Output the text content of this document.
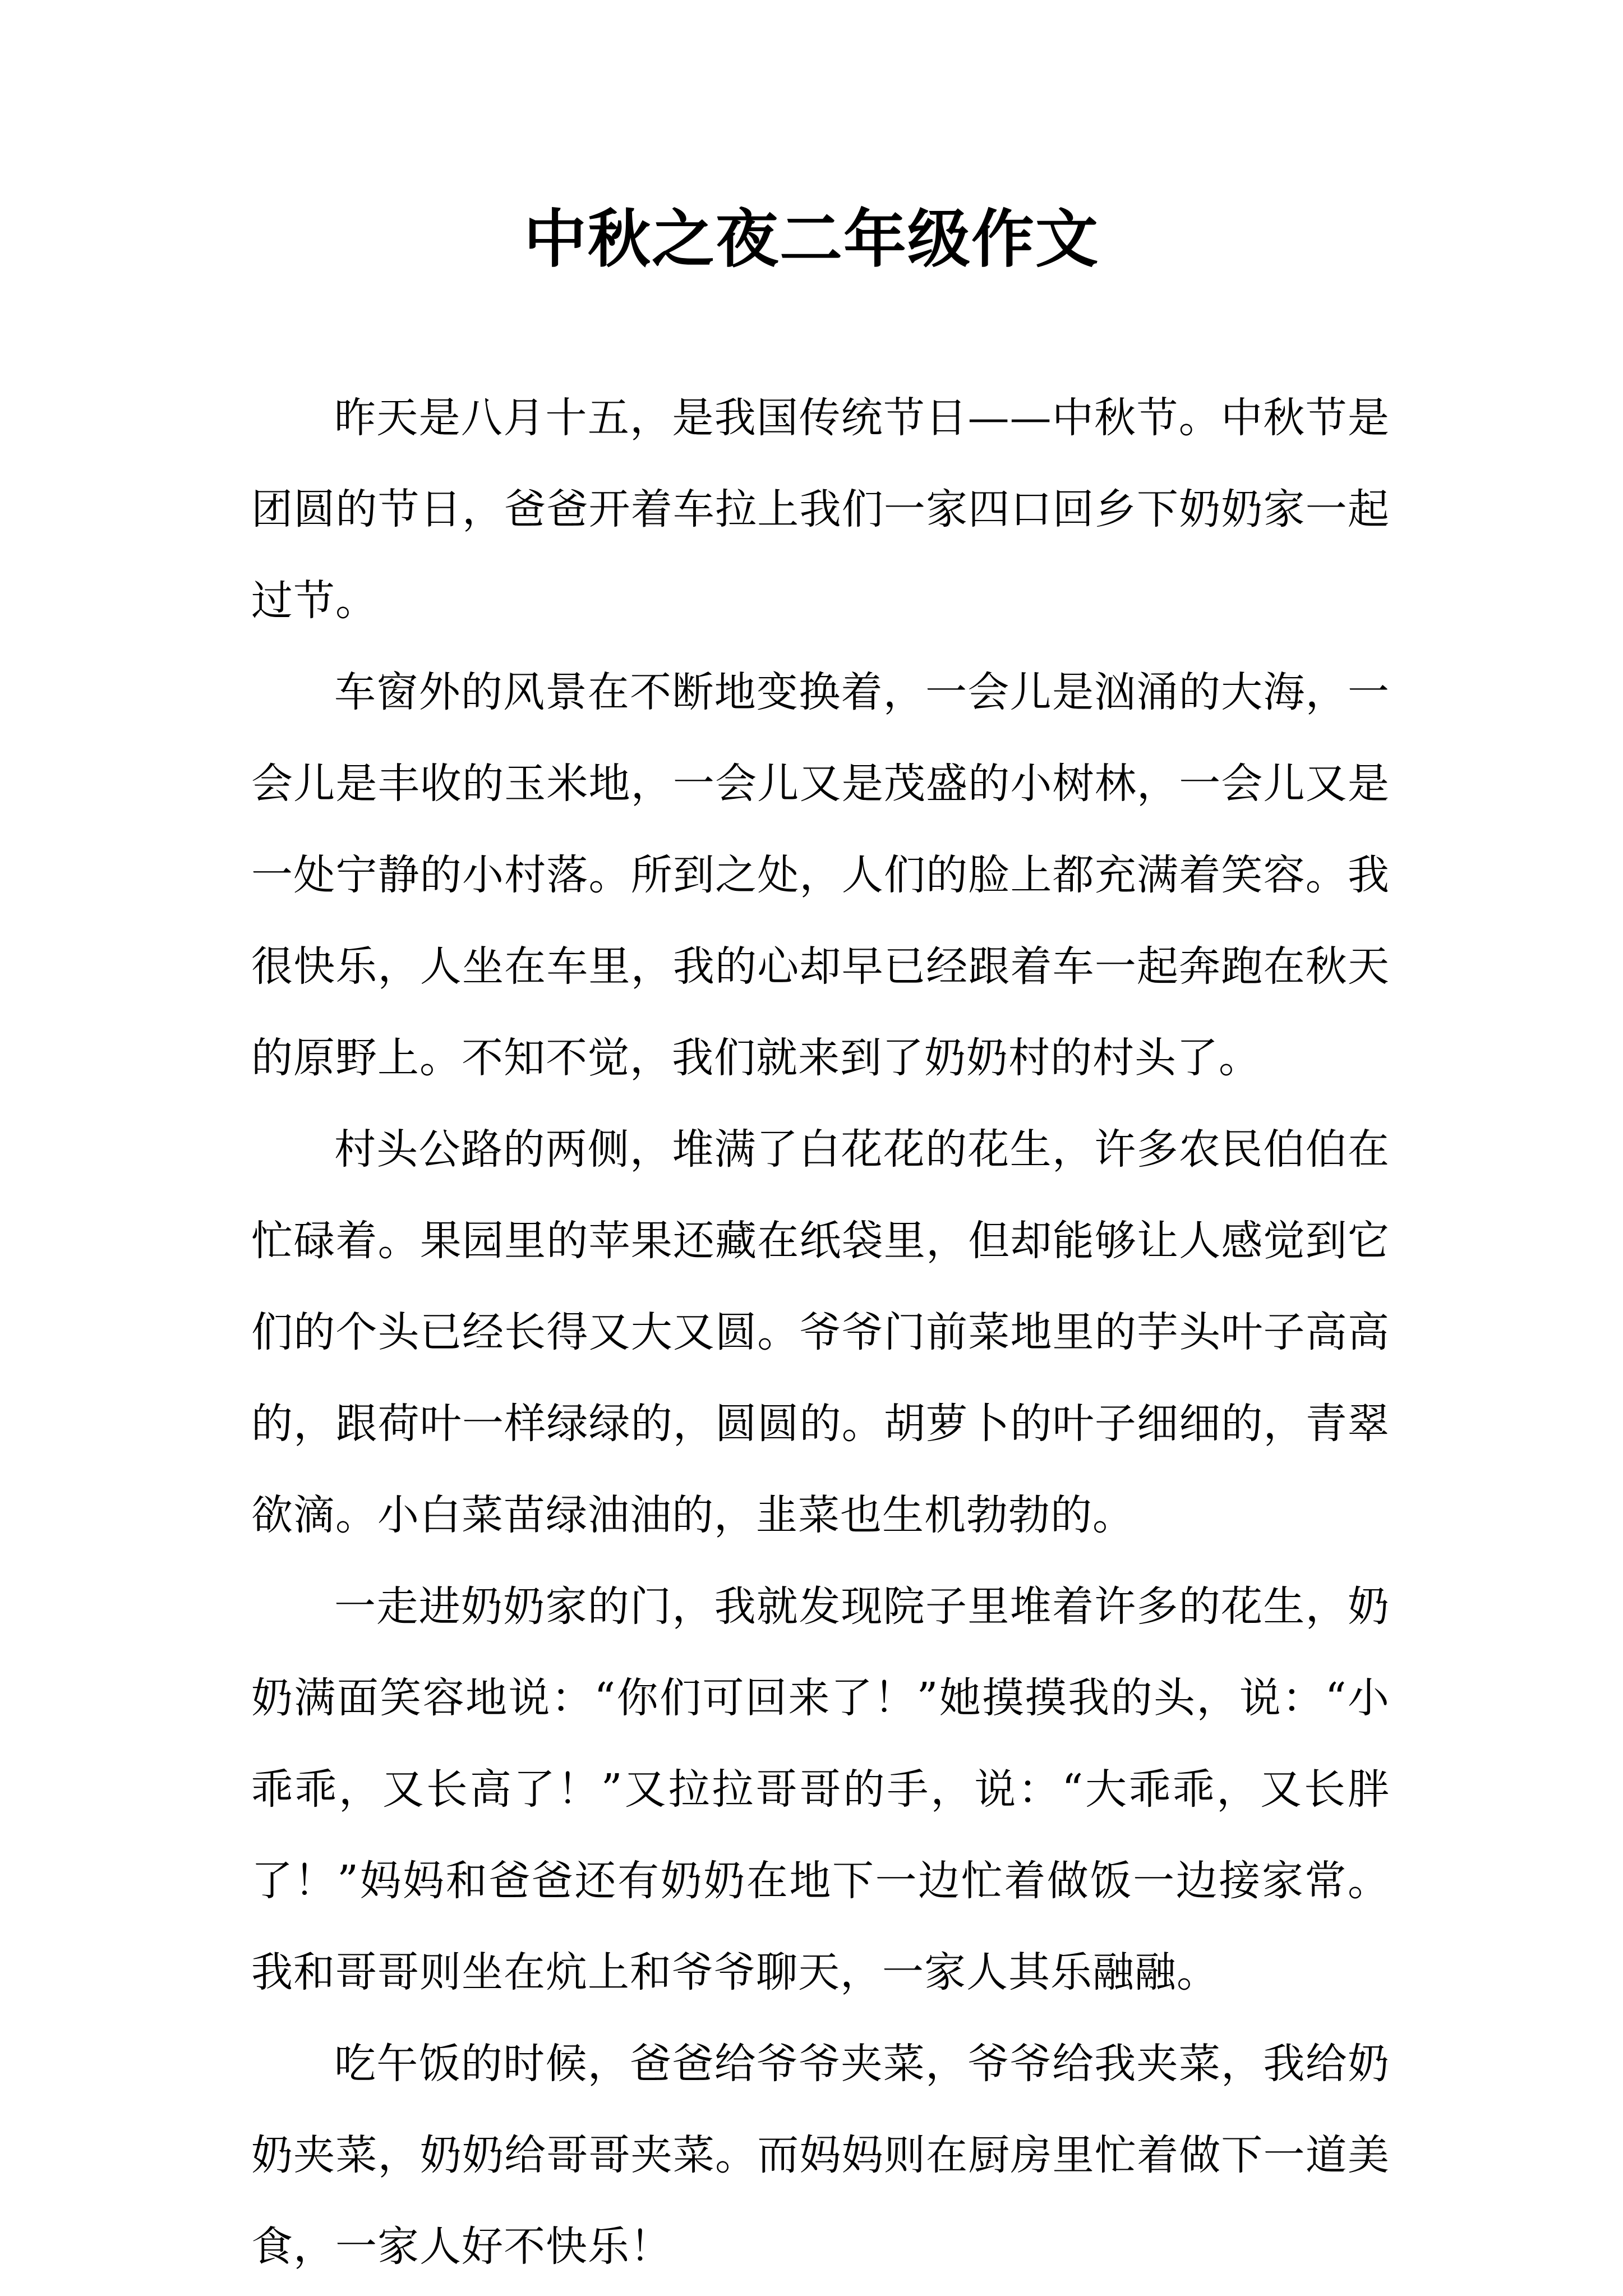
中秋之夜二年级作文

昨天是八月十五，是我国传统节日——中秋节。中秋节是团圆的节日，爸爸开着车拉上我们一家四口回乡下奶奶家一起过节。

车窗外的风景在不断地变换着，一会儿是汹涌的大海，一会儿是丰收的玉米地，一会儿又是茂盛的小树林，一会儿又是一处宁静的小村落。所到之处，人们的脸上都充满着笑容。我很快乐，人坐在车里，我的心却早已经跟着车一起奔跑在秋天的原野上。不知不觉，我们就来到了奶奶村的村头了。

村头公路的两侧，堆满了白花花的花生，许多农民伯伯在忙碌着。果园里的苹果还藏在纸袋里，但却能够让人感觉到它们的个头已经长得又大又圆。爷爷门前菜地里的芋头叶子高高的，跟荷叶一样绿绿的，圆圆的。胡萝卜的叶子细细的，青翠欲滴。小白菜苗绿油油的，韭菜也生机勃勃的。

一走进奶奶家的门，我就发现院子里堆着许多的花生，奶奶满面笑容地说：“你们可回来了！”她摸摸我的头，说：“小乖乖，又长高了！”又拉拉哥哥的手，说：“大乖乖，又长胖了！”妈妈和爸爸还有奶奶在地下一边忙着做饭一边接家常。我和哥哥则坐在炕上和爷爷聊天，一家人其乐融融。

吃午饭的时候，爸爸给爷爷夹菜，爷爷给我夹菜，我给奶奶夹菜，奶奶给哥哥夹菜。而妈妈则在厨房里忙着做下一道美食，一家人好不快乐！
